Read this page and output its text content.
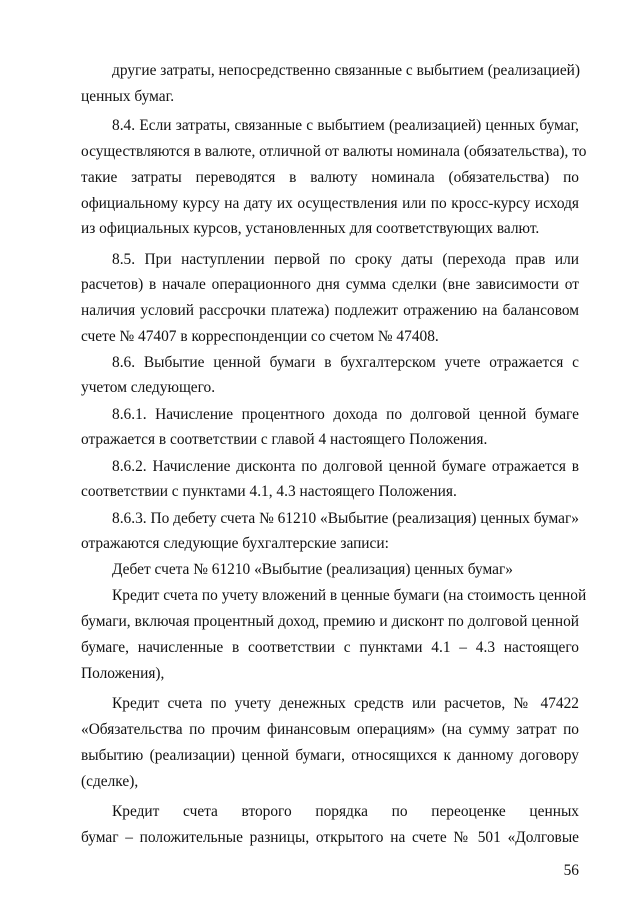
другие затраты, непосредственно связанные с выбытием (реализацией)
ценных бумаг.
8.4. Если затраты, связанные с выбытием (реализацией) ценных бумаг,
осуществляются в валюте, отличной от валюты номинала (обязательства), то
такие затраты переводятся в валюту номинала (обязательства) по
официальному курсу на дату их осуществления или по кросс-курсу исходя
из официальных курсов, установленных для соответствующих валют.
8.5. При наступлении первой по сроку даты (перехода прав или
расчетов) в начале операционного дня сумма сделки (вне зависимости от
наличия условий рассрочки платежа) подлежит отражению на балансовом
счете № 47407 в корреспонденции со счетом № 47408.
8.6. Выбытие ценной бумаги в бухгалтерском учете отражается с
учетом следующего.
8.6.1. Начисление процентного дохода по долговой ценной бумаге
отражается в соответствии с главой 4 настоящего Положения.
8.6.2. Начисление дисконта по долговой ценной бумаге отражается в
соответствии с пунктами 4.1, 4.3 настоящего Положения.
8.6.3. По дебету счета № 61210 «Выбытие (реализация) ценных бумаг»
отражаются следующие бухгалтерские записи:
Дебет счета № 61210 «Выбытие (реализация) ценных бумаг»
Кредит счета по учету вложений в ценные бумаги (на стоимость ценной
бумаги, включая процентный доход, премию и дисконт по долговой ценной
бумаге, начисленные в соответствии с пунктами 4.1 – 4.3 настоящего
Положения),
Кредит счета по учету денежных средств или расчетов, № 47422
«Обязательства по прочим финансовым операциям» (на сумму затрат по
выбытию (реализации) ценной бумаги, относящихся к данному договору
(сделке),
Кредит счета второго порядка по переоценке ценных
бумаг – положительные разницы, открытого на счете № 501 «Долговые
56
